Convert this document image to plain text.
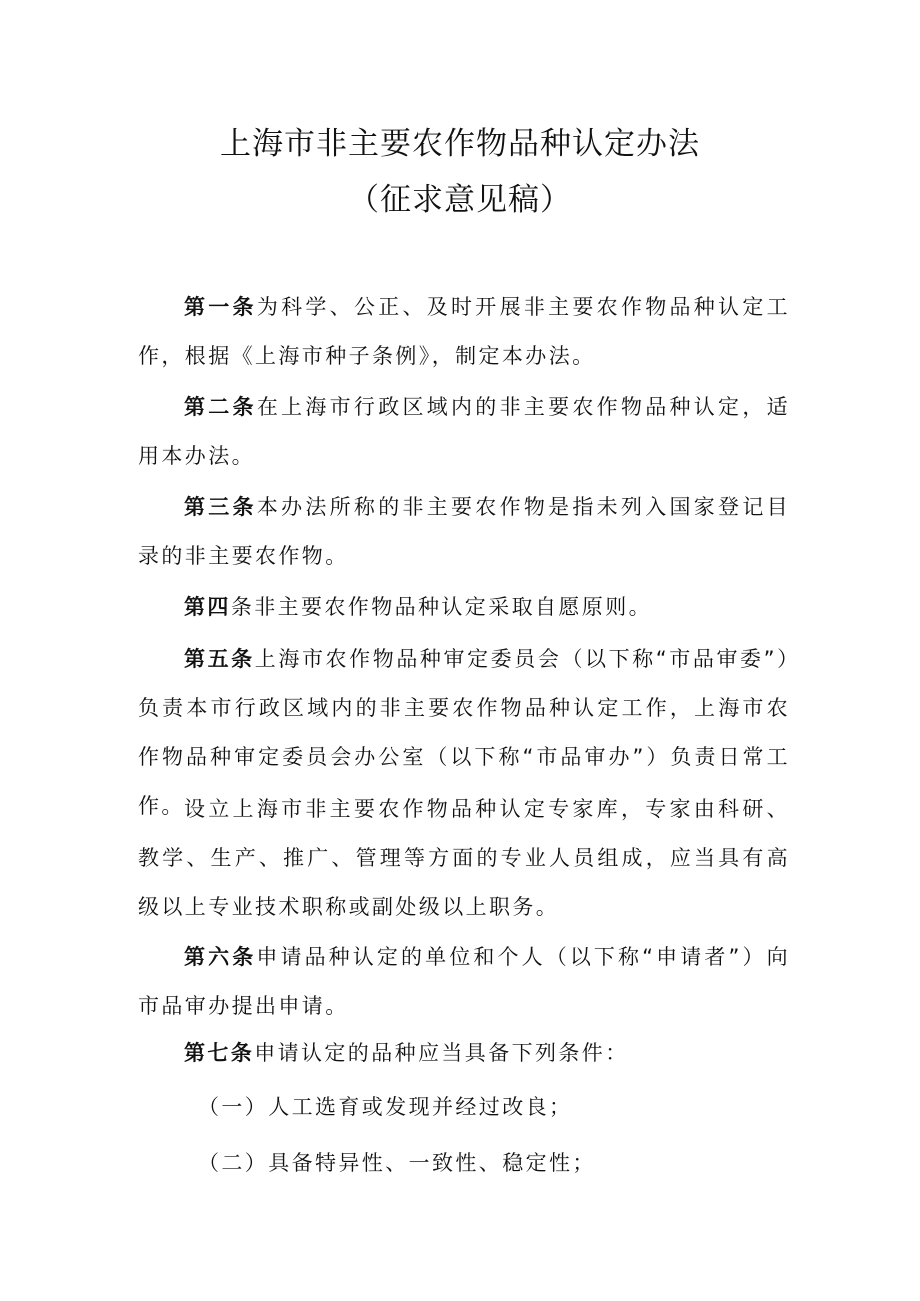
上海市非主要农作物品种认定办法
（征求意见稿）

第一条为科学、公正、及时开展非主要农作物品种认定工作，根据《上海市种子条例》，制定本办法。

第二条在上海市行政区域内的非主要农作物品种认定，适用本办法。

第三条本办法所称的非主要农作物是指未列入国家登记目录的非主要农作物。

第四条非主要农作物品种认定采取自愿原则。

第五条上海市农作物品种审定委员会（以下称“市品审委”）负责本市行政区域内的非主要农作物品种认定工作，上海市农作物品种审定委员会办公室（以下称“市品审办”）负责日常工作。 设立上海市非主要农作物品种认定专家库，专家由科研、教学、生产、推广、管理等方面的专业人员组成，应当具有高级以上专业技术职称或副处级以上职务。

第六条申请品种认定的单位和个人（以下称“申请者”）向市品审办提出申请。

第七条申请认定的品种应当具备下列条件：

（一）人工选育或发现并经过改良；

（二）具备特异性、一致性、稳定性；
